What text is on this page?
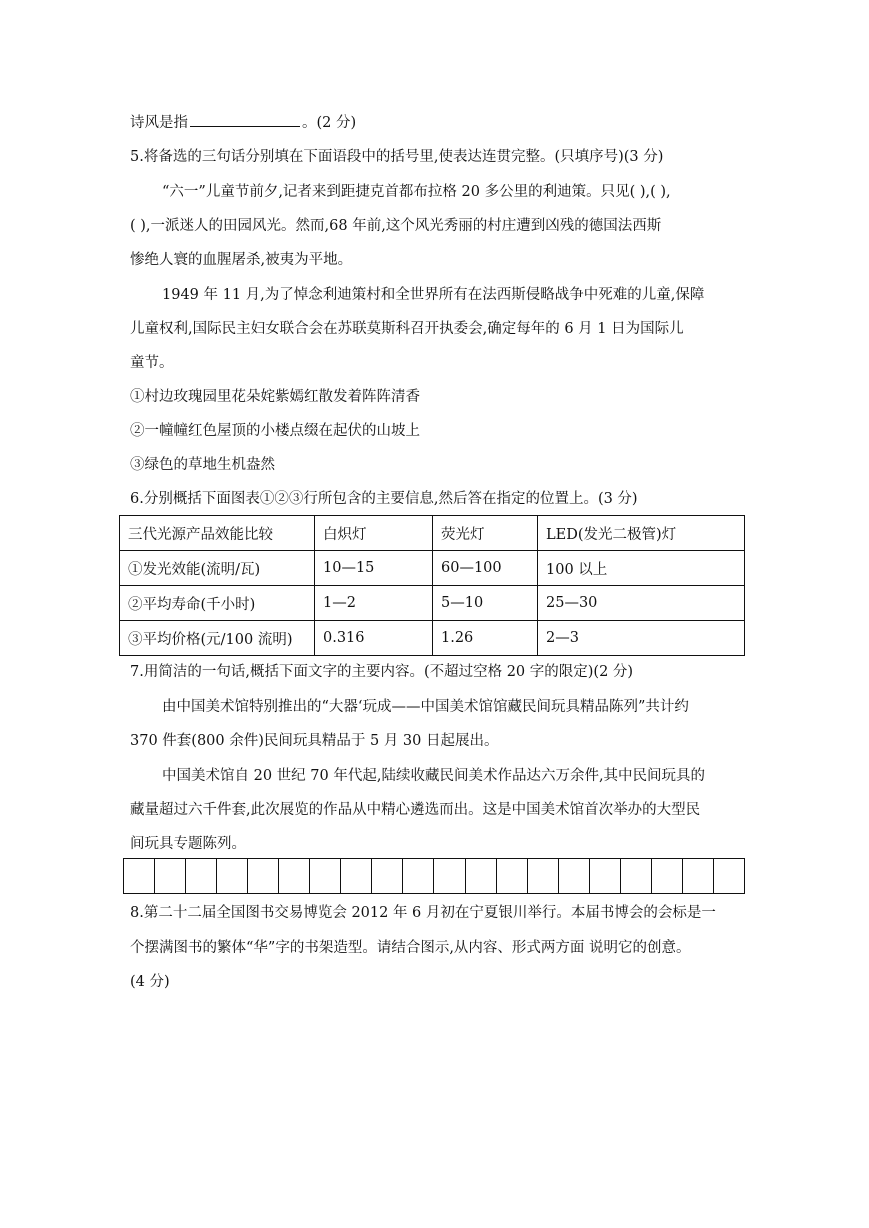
诗风是指	。(2 分)
5.将备选的三句话分别填在下面语段中的括号里,使表达连贯完整。(只填序号)(3 分)
“六一”儿童节前夕,记者来到距捷克首都布拉格 20 多公里的利迪策。只见( ),( ),
( ),一派迷人的田园风光。然而,68 年前,这个风光秀丽的村庄遭到凶残的德国法西斯
惨绝人寰的血腥屠杀,被夷为平地。
1949 年 11 月,为了悼念利迪策村和全世界所有在法西斯侵略战争中死难的儿童,保障
儿童权利,国际民主妇女联合会在苏联莫斯科召开执委会,确定每年的 6 月 1 日为国际儿
童节。
①村边玫瑰园里花朵姹紫嫣红散发着阵阵清香
②一幢幢红色屋顶的小楼点缀在起伏的山坡上
③绿色的草地生机盎然
6.分别概括下面图表①②③行所包含的主要信息,然后答在指定的位置上。(3 分)
三代光源产品效能比较	白炽灯	荧光灯	LED(发光二极管)灯
①发光效能(流明/瓦)	10—15	60—100	100 以上
②平均寿命(千小时)	1—2	5—10	25—30
③平均价格(元/100 流明)	0.316	1.26	2—3
7.用简洁的一句话,概括下面文字的主要内容。(不超过空格 20 字的限定)(2 分)
由中国美术馆特别推出的“大器‘玩成——中国美术馆馆藏民间玩具精品陈列”共计约
370 件套(800 余件)民间玩具精品于 5 月 30 日起展出。
中国美术馆自 20 世纪 70 年代起,陆续收藏民间美术作品达六万余件,其中民间玩具的
藏量超过六千件套,此次展览的作品从中精心遴选而出。这是中国美术馆首次举办的大型民
间玩具专题陈列。

8.第二十二届全国图书交易博览会 2012 年 6 月初在宁夏银川举行。本届书博会的会标是一
个摆满图书的繁体“华”字的书架造型。请结合图示,从内容、形式两方面 说明它的创意。
(4 分)
